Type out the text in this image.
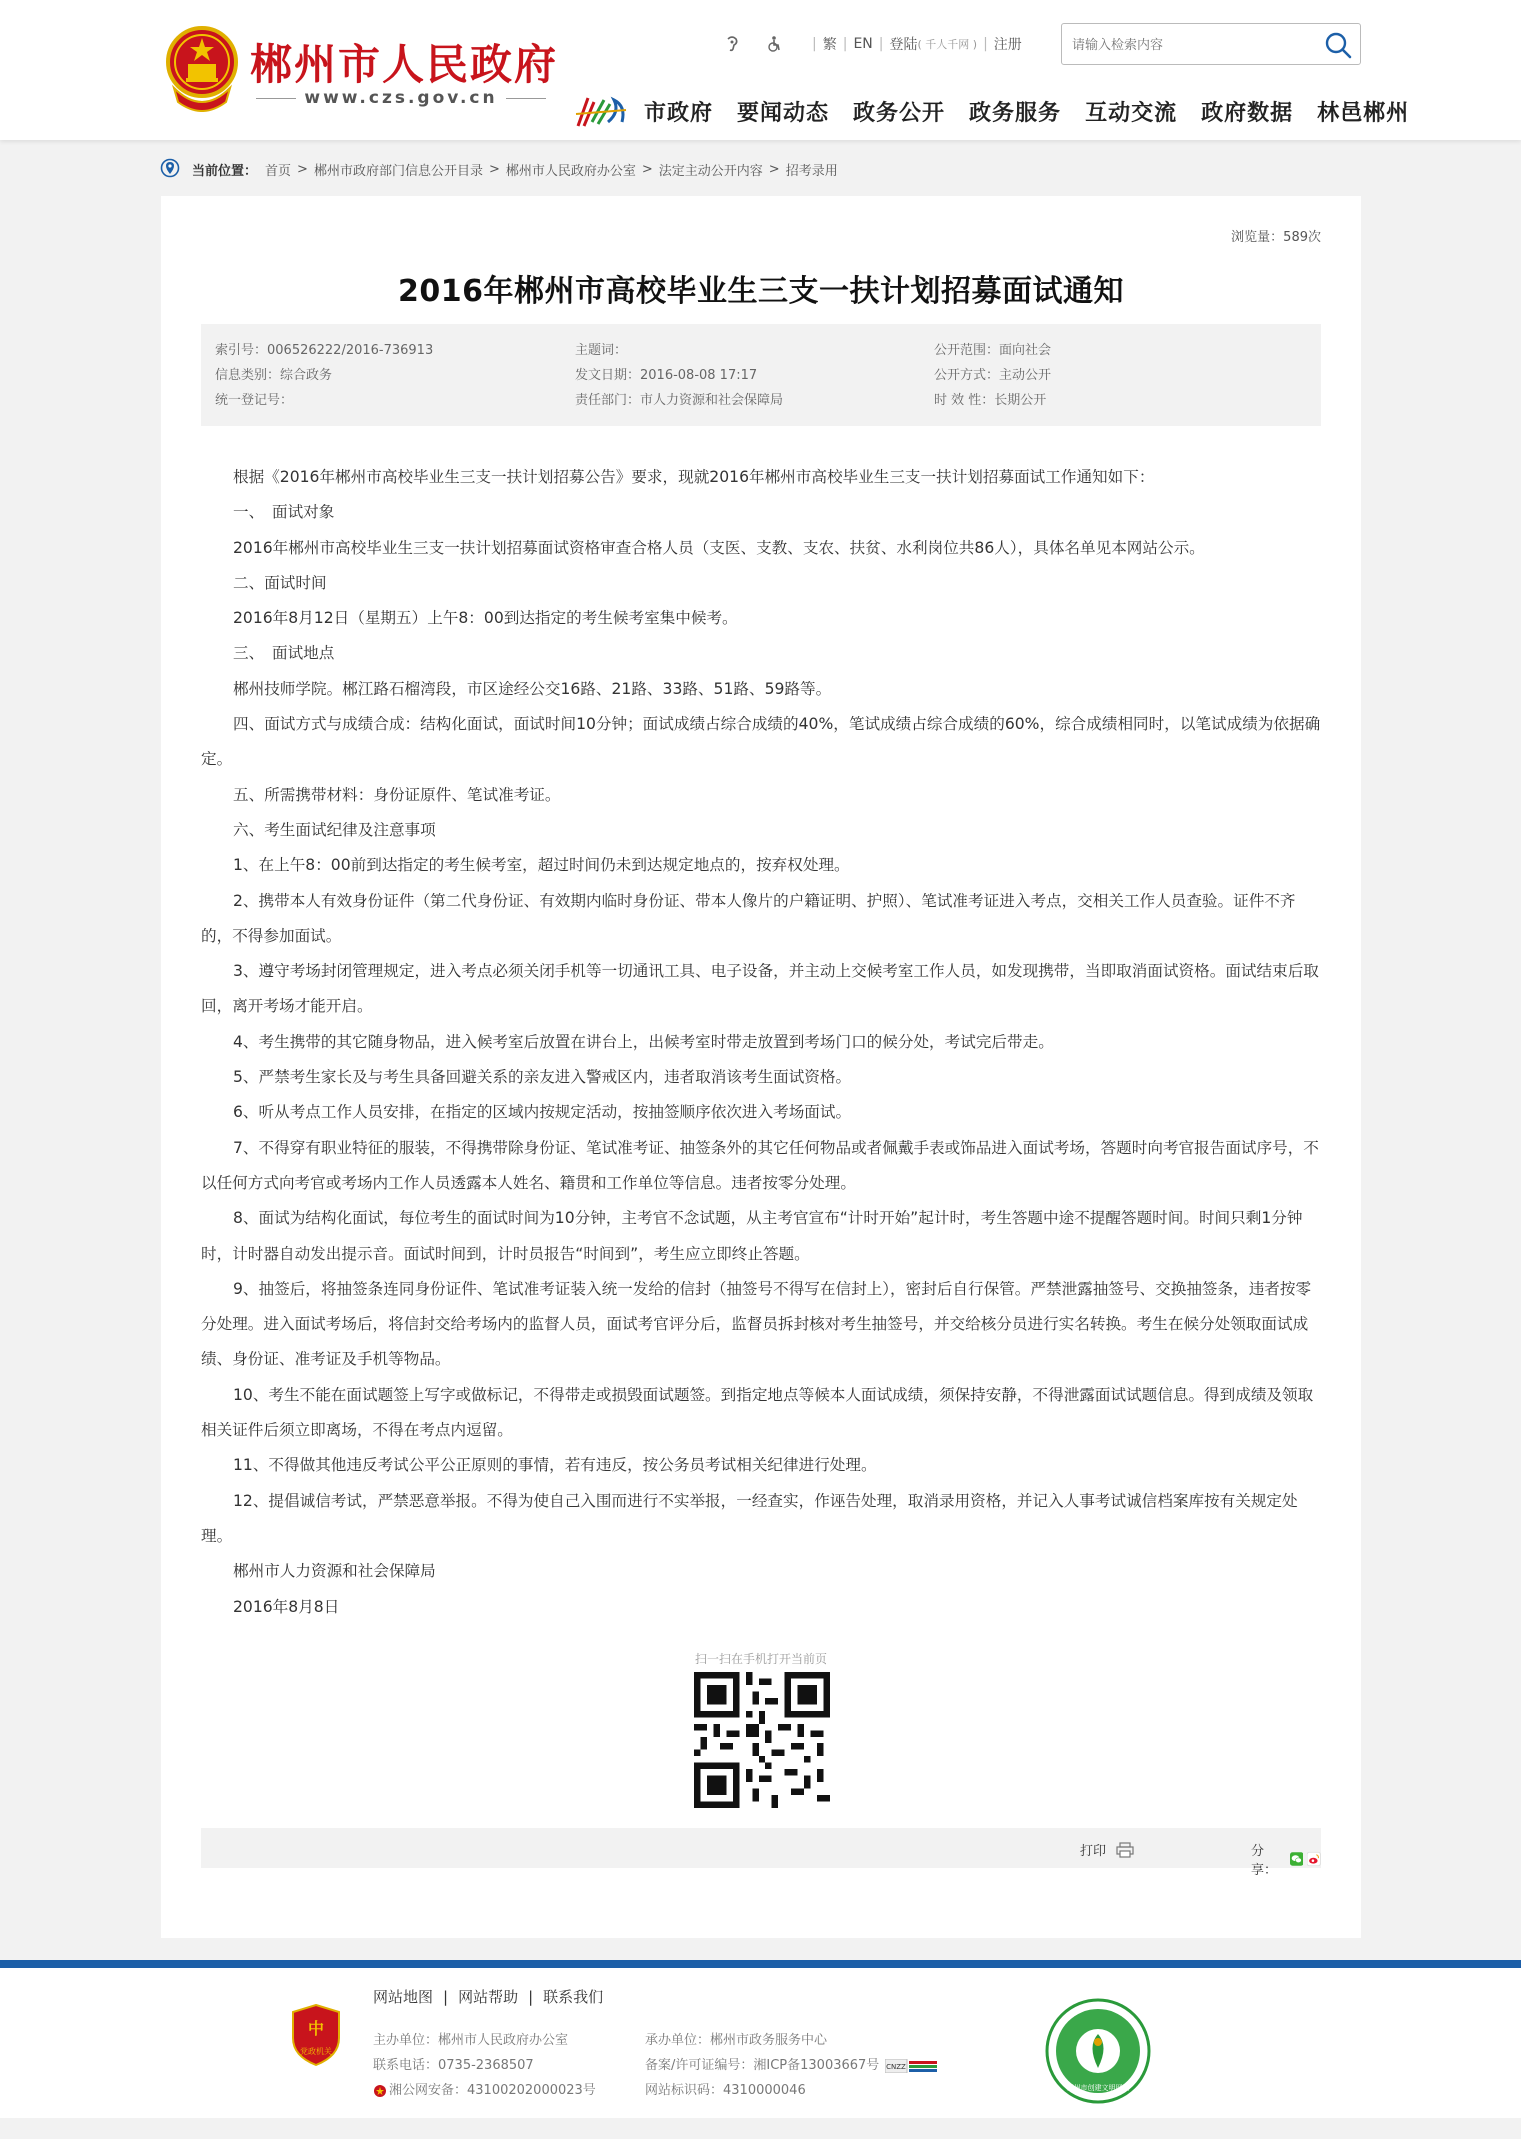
郴州市人民政府
www.czs.gov.cn
| 繁 | EN | 登陆 ( 千人千网 ) | 注册
请输入检索内容
市政府 要闻动态 政务公开 政务服务 互动交流 政府数据 林邑郴州
当前位置： 首页 > 郴州市政府部门信息公开目录 > 郴州市人民政府办公室 > 法定主动公开内容 > 招考录用
浏览量：589次
2016年郴州市高校毕业生三支一扶计划招募面试通知
索引号：006526222/2016-736913
信息类别：综合政务
统一登记号：
主题词：
发文日期：2016-08-08 17:17
责任部门：市人力资源和社会保障局
公开范围：面向社会
公开方式：主动公开
时 效 性：长期公开

根据《2016年郴州市高校毕业生三支一扶计划招募公告》要求，现就2016年郴州市高校毕业生三支一扶计划招募面试工作通知如下：

一、　面试对象

2016年郴州市高校毕业生三支一扶计划招募面试资格审查合格人员（支医、支教、支农、扶贫、水利岗位共86人），具体名单见本网站公示。

二、面试时间

2016年8月12日（星期五）上午8：00到达指定的考生候考室集中候考。

三、　面试地点

郴州技师学院。郴江路石榴湾段，市区途经公交16路、21路、33路、51路、59路等。

四、面试方式与成绩合成：结构化面试，面试时间10分钟；面试成绩占综合成绩的40%，笔试成绩占综合成绩的60%，综合成绩相同时，以笔试成绩为依据确定。

五、所需携带材料：身份证原件、笔试准考证。

六、考生面试纪律及注意事项

1、在上午8：00前到达指定的考生候考室，超过时间仍未到达规定地点的，按弃权处理。

2、携带本人有效身份证件（第二代身份证、有效期内临时身份证、带本人像片的户籍证明、护照）、笔试准考证进入考点，交相关工作人员查验。证件不齐的，不得参加面试。

3、遵守考场封闭管理规定，进入考点必须关闭手机等一切通讯工具、电子设备，并主动上交候考室工作人员，如发现携带，当即取消面试资格。面试结束后取回，离开考场才能开启。

4、考生携带的其它随身物品，进入候考室后放置在讲台上，出候考室时带走放置到考场门口的候分处，考试完后带走。

5、严禁考生家长及与考生具备回避关系的亲友进入警戒区内，违者取消该考生面试资格。

6、听从考点工作人员安排，在指定的区域内按规定活动，按抽签顺序依次进入考场面试。

7、不得穿有职业特征的服装，不得携带除身份证、笔试准考证、抽签条外的其它任何物品或者佩戴手表或饰品进入面试考场，答题时向考官报告面试序号，不以任何方式向考官或考场内工作人员透露本人姓名、籍贯和工作单位等信息。违者按零分处理。

8、面试为结构化面试，每位考生的面试时间为10分钟，主考官不念试题，从主考官宣布“计时开始”起计时，考生答题中途不提醒答题时间。时间只剩1分钟时，计时器自动发出提示音。面试时间到，计时员报告“时间到”，考生应立即终止答题。

9、抽签后，将抽签条连同身份证件、笔试准考证装入统一发给的信封（抽签号不得写在信封上），密封后自行保管。严禁泄露抽签号、交换抽签条，违者按零分处理。进入面试考场后，将信封交给考场内的监督人员，面试考官评分后，监督员拆封核对考生抽签号，并交给核分员进行实名转换。考生在候分处领取面试成绩、身份证、准考证及手机等物品。

10、考生不能在面试题签上写字或做标记，不得带走或损毁面试题签。到指定地点等候本人面试成绩，须保持安静，不得泄露面试试题信息。得到成绩及领取相关证件后须立即离场，不得在考点内逗留。

11、不得做其他违反考试公平公正原则的事情，若有违反，按公务员考试相关纪律进行处理。

12、提倡诚信考试，严禁恶意举报。不得为使自己入围而进行不实举报，一经查实，作诬告处理，取消录用资格，并记入人事考试诚信档案库按有关规定处理。

郴州市人力资源和社会保障局

2016年8月8日

扫一扫在手机打开当前页
打印	分享：
中
党政机关
网站地图 | 网站帮助 | 联系我们
主办单位：郴州市人民政府办公室
联系电话：0735-2368507
湘公网安备：43100202000023号
承办单位：郴州市政务服务中心
备案/许可证编号：湘ICP备13003667号 CNZZ
网站标识码：4310000046	郴州市创建文明网站
